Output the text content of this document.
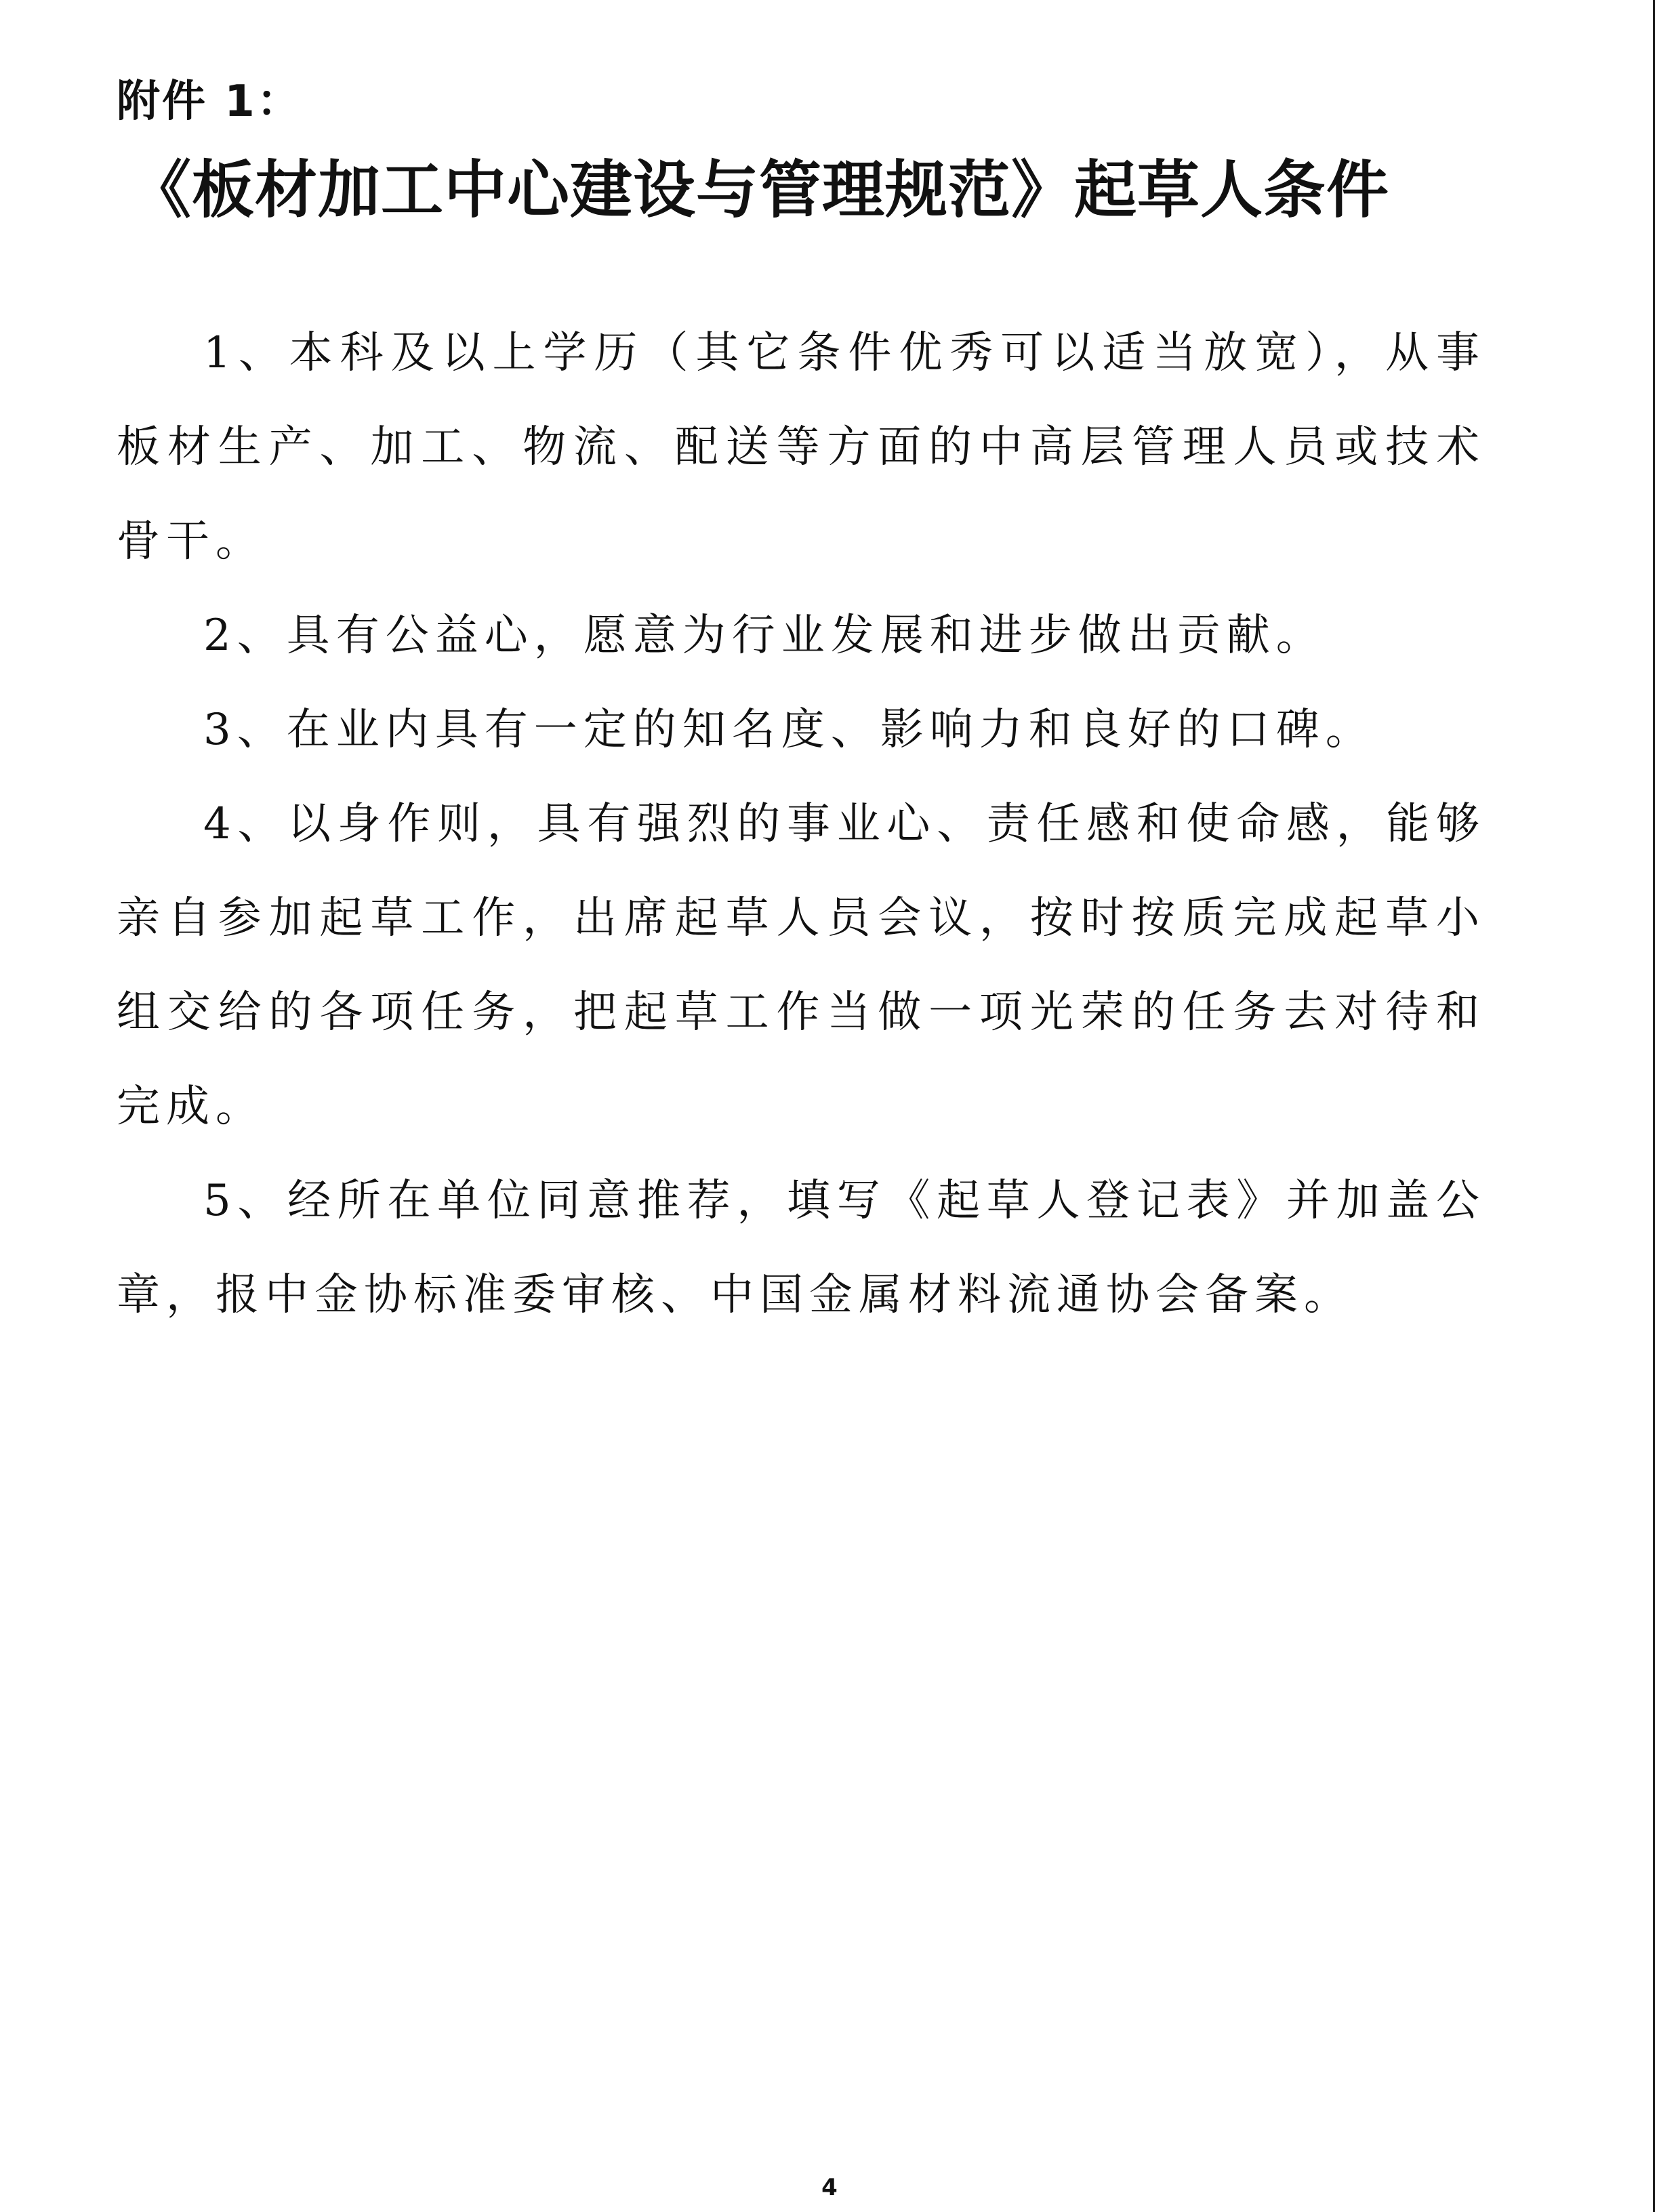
附件 1：
《板材加工中心建设与管理规范》起草人条件

1、本科及以上学历（其它条件优秀可以适当放宽），从事板材生产、加工、物流、配送等方面的中高层管理人员或技术骨干。

2、具有公益心，愿意为行业发展和进步做出贡献。

3、在业内具有一定的知名度、影响力和良好的口碑。

4、以身作则，具有强烈的事业心、责任感和使命感，能够亲自参加起草工作，出席起草人员会议，按时按质完成起草小组交给的各项任务，把起草工作当做一项光荣的任务去对待和完成。

5、经所在单位同意推荐，填写《起草人登记表》并加盖公章，报中金协标准委审核、中国金属材料流通协会备案。

4
